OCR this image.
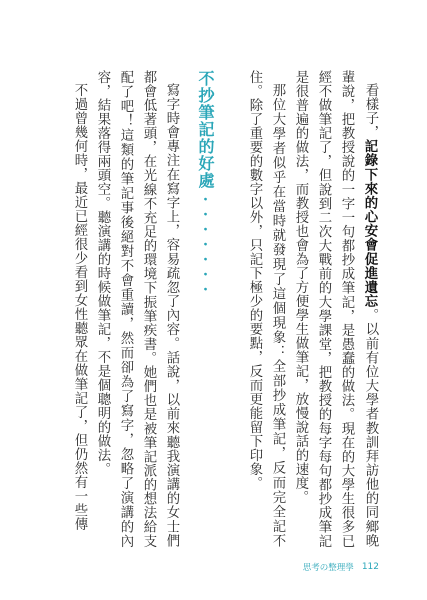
看樣子，記錄下來的心安會促進遺忘。以前有位大學者教訓拜訪他的同鄉晚輩說，把教授說的一字一句都抄成筆記，是愚蠢的做法。現在的大學生很多已經不做筆記了，但說到二次大戰前的大學課堂，把教授的每字每句都抄成筆記是很普遍的做法，而教授也會為了方便學生做筆記，放慢說話的速度。

那位大學者似乎在當時就發現了這個現象：全部抄成筆記，反而完全記不住。除了重要的數字以外，只記下極少的要點，反而更能留下印象。

不抄筆記的好處・・・・・・・

寫字時會專注在寫字上，容易疏忽了內容。話說，以前來聽我演講的女士們都會低著頭，在光線不充足的環境下振筆疾書。她們也是被筆記派的想法給支配了吧！這類的筆記事後絕對不會重讀，然而卻為了寫字，忽略了演講的內容，結果落得兩頭空。聽演講的時候做筆記，不是個聰明的做法。

不過曾幾何時，最近已經很少看到女性聽眾在做筆記了，但仍然有一些傳

思考の整理學 112
